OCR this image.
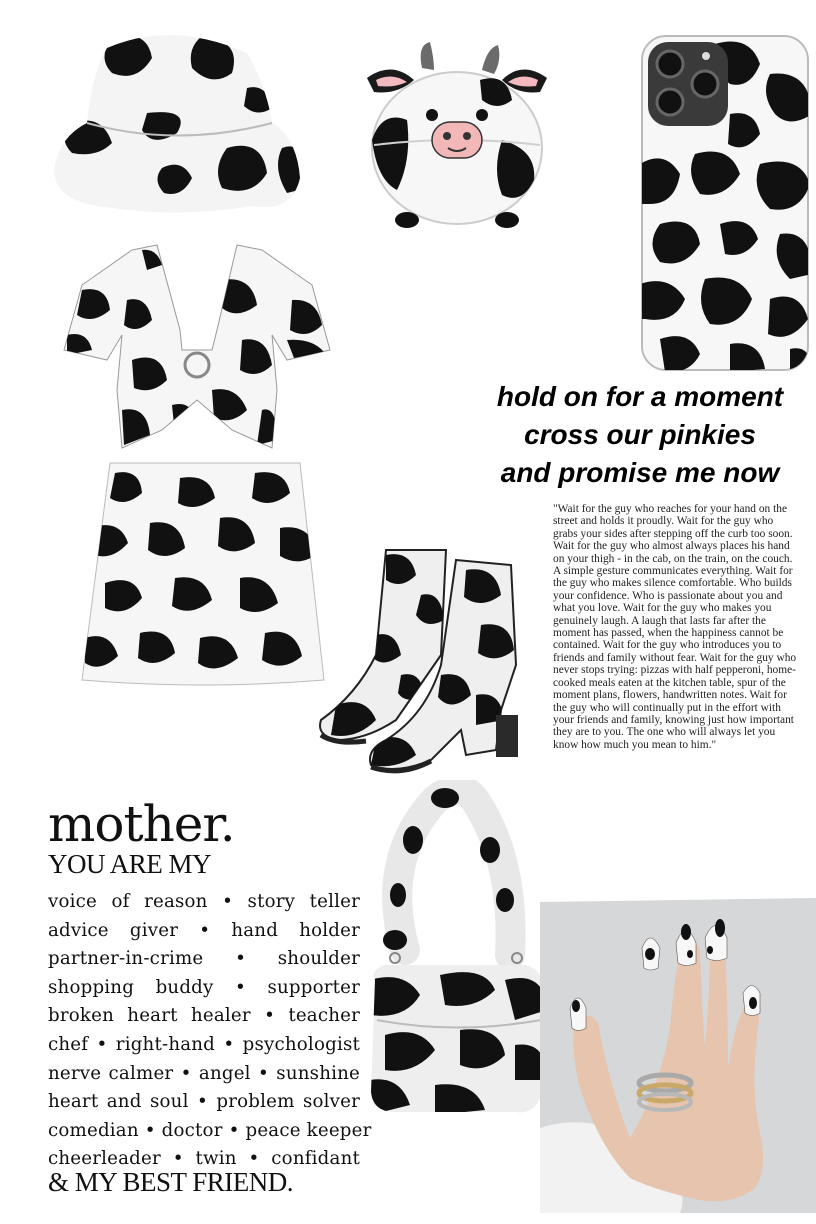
"Wait for the guy who reaches for your hand on the street and holds it proudly. Wait for the guy who grabs your sides after stepping off the curb too soon. Wait for the guy who almost always places his hand on your thigh - in the cab, on the train, on the couch. A simple gesture communicates everything. Wait for the guy who makes silence comfortable. Who builds your confidence. Who is passionate about you and what you love. Wait for the guy who makes you genuinely laugh. A laugh that lasts far after the moment has passed, when the happiness cannot be contained. Wait for the guy who introduces you to friends and family without fear. Wait for the guy who never stops trying: pizzas with half pepperoni, home-cooked meals eaten at the kitchen table, spur of the moment plans, flowers, handwritten notes. Wait for the guy who will continually put in the effort with your friends and family, knowing just how important they are to you. The one who will always let you know how much you mean to him."
hold on for a moment
cross our pinkies
and promise me now
mother.
YOU ARE MY
voice of reason • story teller
advice giver • hand holder
partner-in-crime • shoulder
shopping buddy • supporter
broken heart healer • teacher
chef • right-hand • psychologist
nerve calmer • angel • sunshine
heart and soul • problem solver
comedian • doctor • peace keeper
cheerleader • twin • confidant
& MY BEST FRIEND.
